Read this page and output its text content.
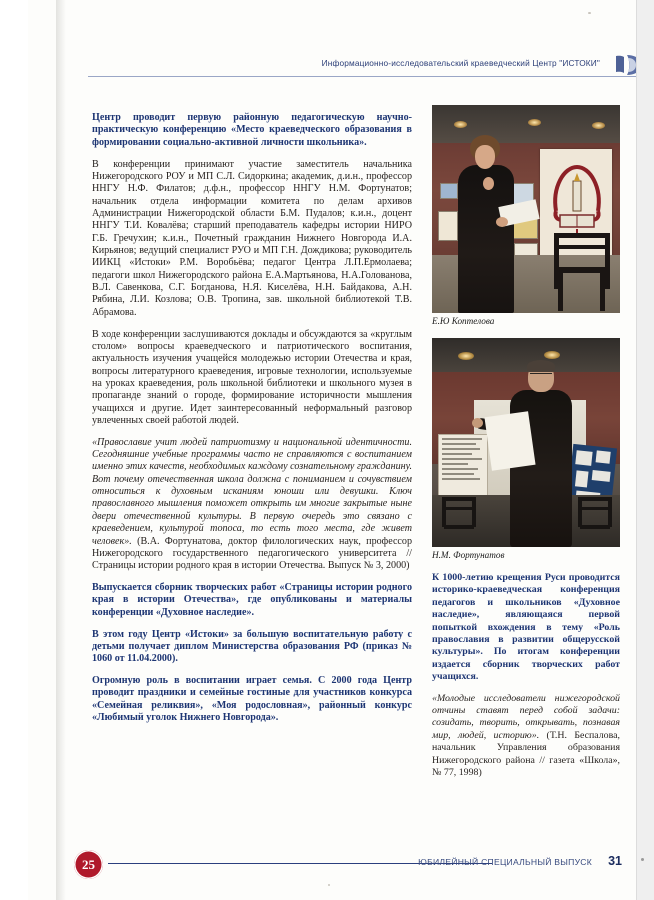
Информационно-исследовательский краеведческий Центр "ИСТОКИ"

Центр проводит первую районную педагогическую научно-практическую конференцию «Место краеведческого образования в формировании социально-активной личности школьника».

В конференции принимают участие заместитель начальника Нижегородского РОУ и МП С.Л. Сидоркина; академик, д.и.н., профессор ННГУ Н.Ф. Филатов; д.ф.н., профессор ННГУ Н.М. Фортунатов; начальник отдела информации комитета по делам архивов Администрации Нижегородской области Б.М. Пудалов; к.и.н., доцент ННГУ Т.И. Ковалёва; старший преподаватель кафедры истории НИРО Г.Б. Гречухин; к.и.н., Почетный гражданин Нижнего Новгорода И.А. Кирьянов; ведущий специалист РУО и МП Г.Н. Дождикова; руководитель ИИКЦ «Истоки» Р.М. Воробьёва; педагог Центра Л.П.Ермолаева; педагоги школ Нижегородского района Е.А.Мартьянова, Н.А.Голованова, В.Л. Савенкова, С.Г. Богданова, Н.Я. Киселёва, Н.Н. Байдакова, А.Н. Рябина, Л.И. Козлова; О.В. Тропина, зав. школьной библиотекой Т.В. Абрамова.

В ходе конференции заслушиваются доклады и обсуждаются за «круглым столом» вопросы краеведческого и патриотического воспитания, актуальность изучения учащейся молодежью истории Отечества и края, вопросы литературного краеведения, игровые технологии, используемые на уроках краеведения, роль школьной библиотеки и школьного музея в пропаганде знаний о городе, формирование историчности мышления учащихся и другие. Идет заинтересованный неформальный разговор увлеченных своей работой людей.

«Православие учит людей патриотизму и национальной идентичности. Сегодняшние учебные программы часто не справляются с воспитанием именно этих качеств, необходимых каждому сознательному гражданину. Вот почему отечественная школа должна с пониманием и сочувствием относиться к духовным исканиям юноши или девушки. Ключ православного мышления поможет открыть им многие закрытые ныне двери отечественной культуры. В первую очередь это связано с краеведением, культурой топоса, то есть того места, где живет человек». (В.А. Фортунатова, доктор филологических наук, профессор Нижегородского государственного педагогического университета // Страницы истории родного края в истории Отечества. Выпуск № 3, 2000)

Выпускается сборник творческих работ «Страницы истории родного края в истории Отечества», где опубликованы и материалы конференции «Духовное наследие».

В этом году Центр «Истоки» за большую воспитательную работу с детьми получает диплом Министерства образования РФ (приказ № 1060 от 11.04.2000).

Огромную роль в воспитании играет семья. С 2000 года Центр проводит праздники и семейные гостиные для участников конкурса «Семейная реликвия», «Моя родословная», районный конкурс «Любимый уголок Нижнего Новгорода».

Е.Ю Коптелова
Н.М. Фортунатов

К 1000-летию крещения Руси проводится историко-краеведческая конференция педагогов и школьников «Духовное наследие», являющаяся первой попыткой вхождения в тему «Роль православия в развитии общерусской культуры». По итогам конференции издается сборник творческих работ учащихся.

«Молодые исследователи нижегородской отчины ставят перед собой задачи: созидать, творить, открывать, познавая мир, людей, историю». (Т.Н. Беспалова, начальник Управления образования Нижегородского района // газета «Школа», № 77, 1998)

25	ЮБИЛЕЙНЫЙ СПЕЦИАЛЬНЫЙ ВЫПУСК 31
